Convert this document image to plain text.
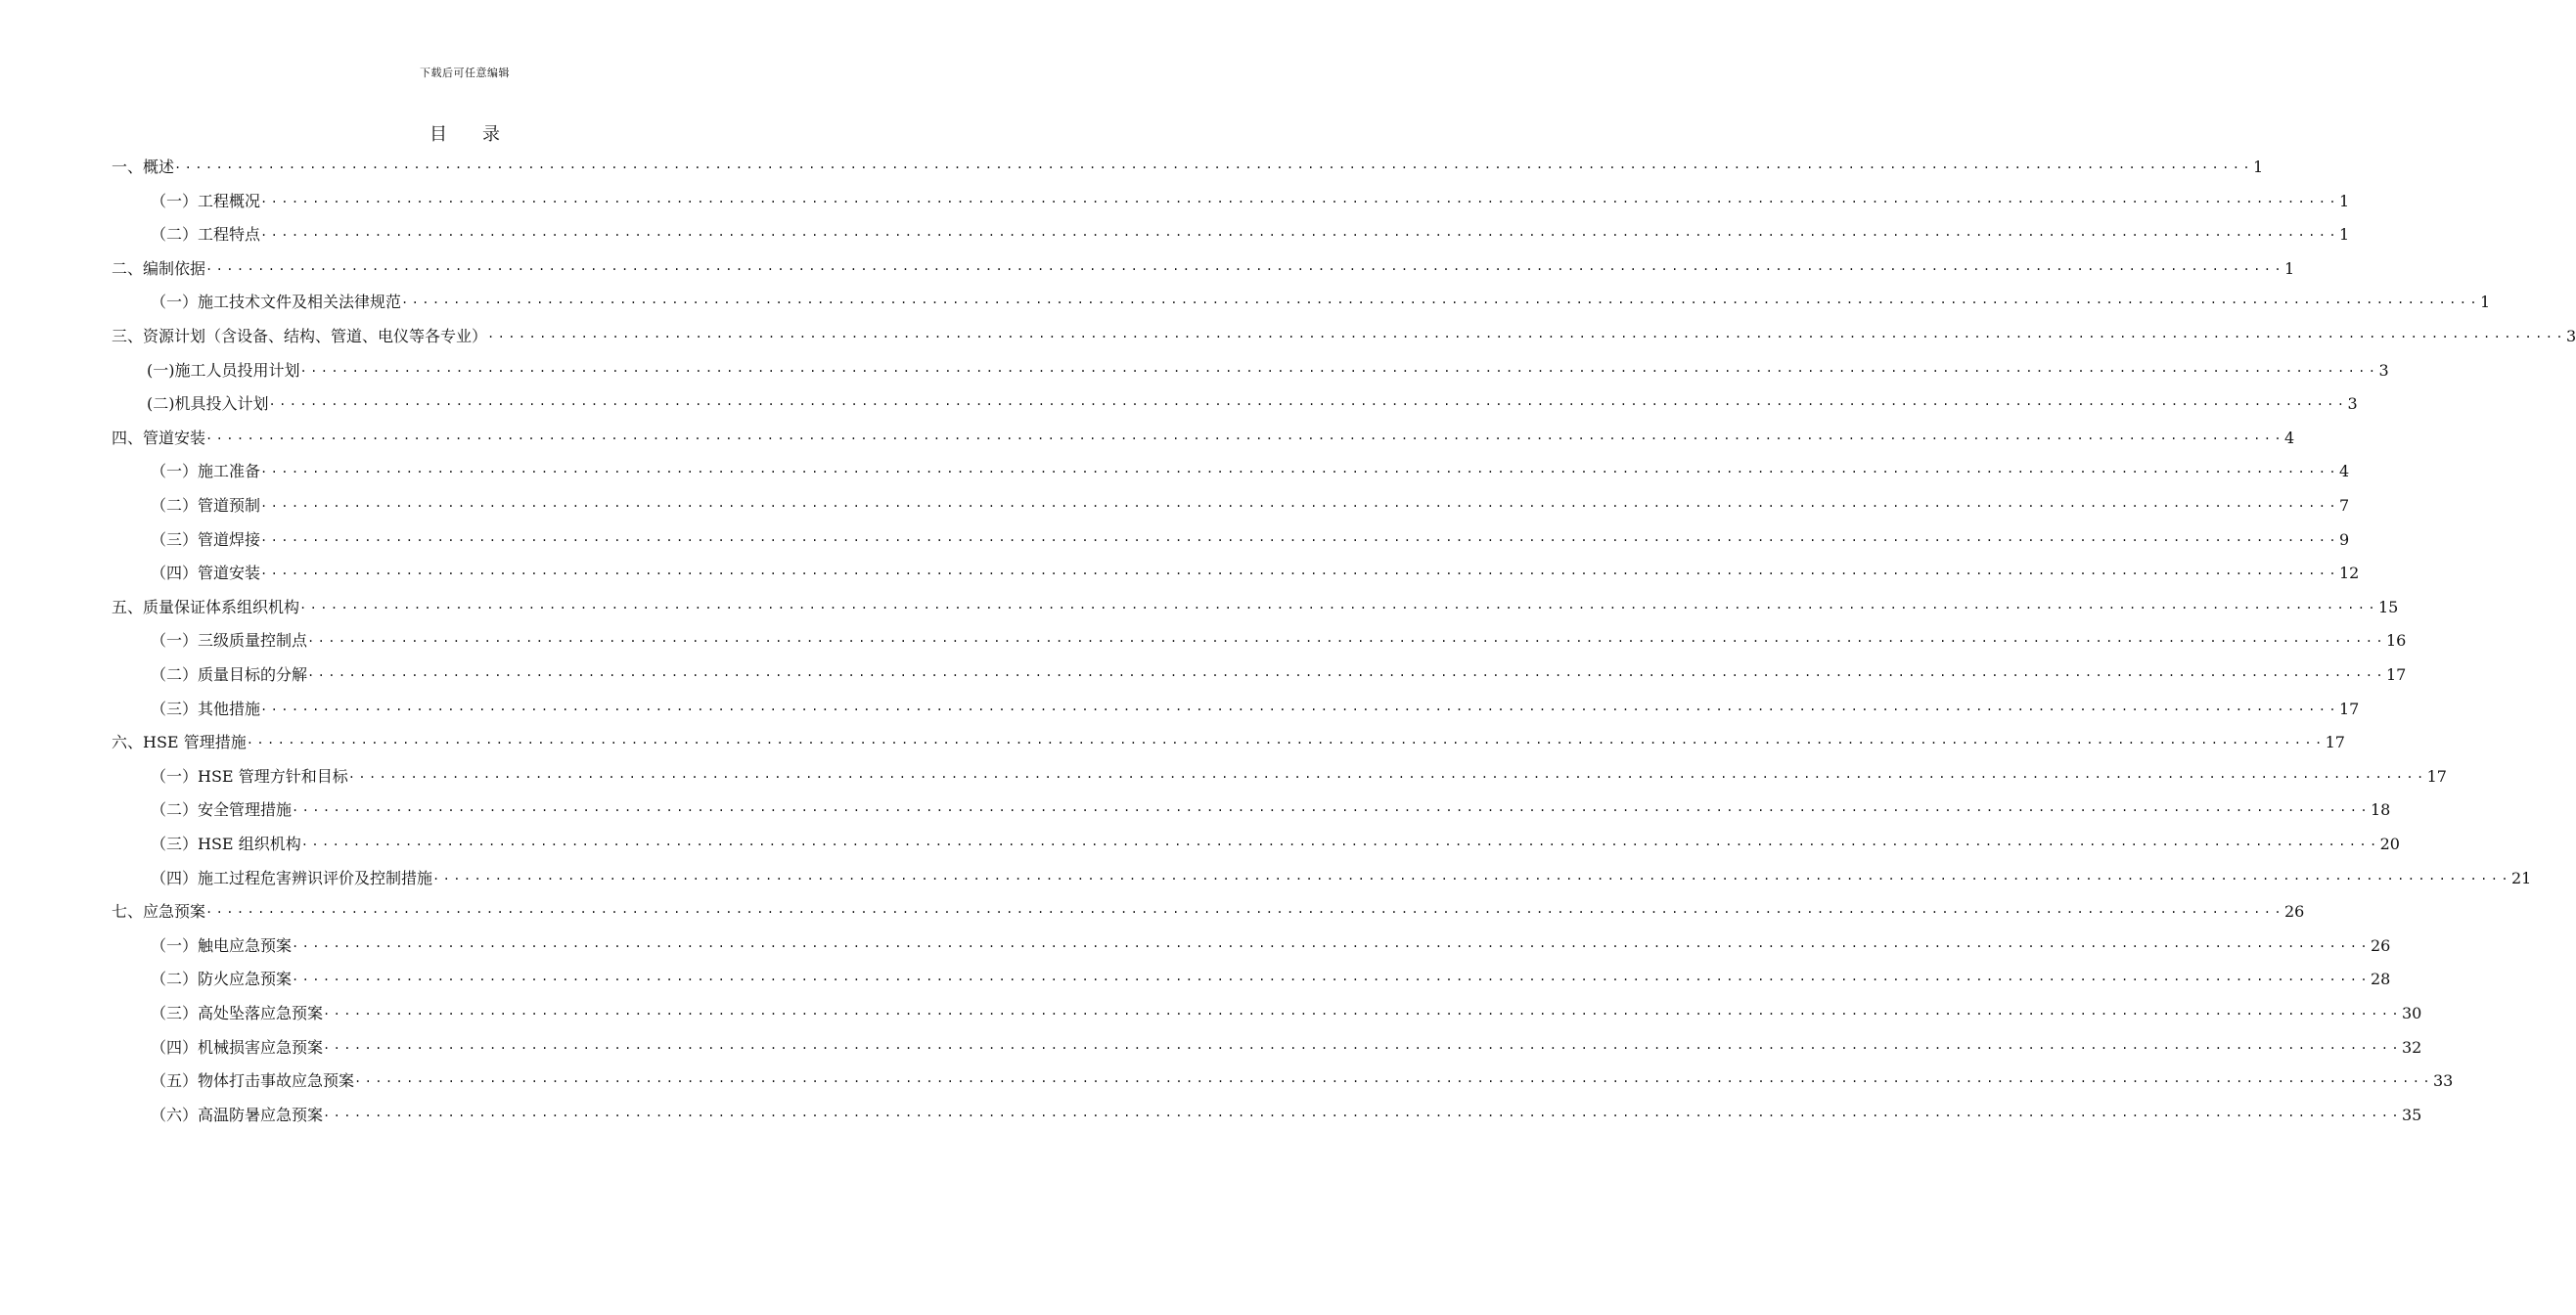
下载后可任意编辑
目 录
一、 概述 ........................................................................................................................................................................................................ 1
（一） 工程概况 ........................................................................................................................................................................................................ 1
（二） 工程特点 ........................................................................................................................................................................................................ 1
二、 编制依据 ........................................................................................................................................................................................................ 1
（一） 施工技术文件及相关法律规范 ........................................................................................................................................................................................................ 1
三、 资源计划（含设备、结构、管道、电仪等各专业） ........................................................................................................................................................................................................ 3
(一) 施工人员投用计划 ........................................................................................................................................................................................................ 3
(二) 机具投入计划 ........................................................................................................................................................................................................ 3
四、 管道安装 ........................................................................................................................................................................................................ 4
（一） 施工准备 ........................................................................................................................................................................................................ 4
（二） 管道预制 ........................................................................................................................................................................................................ 7
（三） 管道焊接 ........................................................................................................................................................................................................ 9
（四） 管道安装 ........................................................................................................................................................................................................ 12
五、 质量保证体系组织机构 ........................................................................................................................................................................................................ 15
（一） 三级质量控制点 ........................................................................................................................................................................................................ 16
（二） 质量目标的分解 ........................................................................................................................................................................................................ 17
（三） 其他措施 ........................................................................................................................................................................................................ 17
六、 HSE 管理措施 ........................................................................................................................................................................................................ 17
（一） HSE 管理方针和目标 ........................................................................................................................................................................................................ 17
（二） 安全管理措施 ........................................................................................................................................................................................................ 18
（三） HSE 组织机构 ........................................................................................................................................................................................................ 20
（四） 施工过程危害辨识评价及控制措施 ........................................................................................................................................................................................................ 21
七、 应急预案 ........................................................................................................................................................................................................ 26
（一） 触电应急预案 ........................................................................................................................................................................................................ 26
（二） 防火应急预案 ........................................................................................................................................................................................................ 28
（三） 高处坠落应急预案 ........................................................................................................................................................................................................ 30
（四） 机械损害应急预案 ........................................................................................................................................................................................................ 32
（五） 物体打击事故应急预案 ........................................................................................................................................................................................................ 33
（六） 高温防暑应急预案 ........................................................................................................................................................................................................ 35
